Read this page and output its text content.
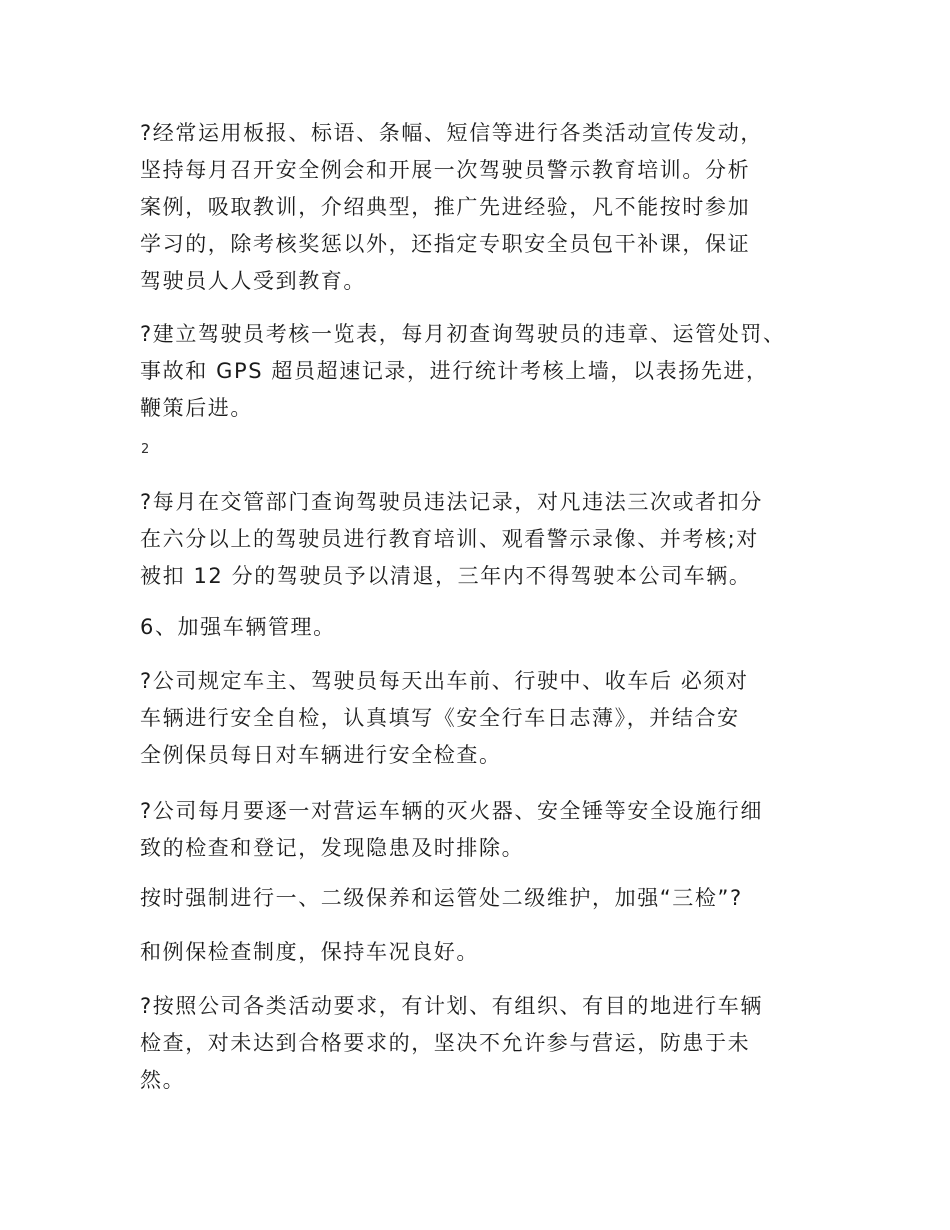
?经常运用板报、标语、条幅、短信等进行各类活动宣传发动，
坚持每月召开安全例会和开展一次驾驶员警示教育培训。分析
案例，吸取教训，介绍典型，推广先进经验，凡不能按时参加
学习的，除考核奖惩以外，还指定专职安全员包干补课，保证
驾驶员人人受到教育。

?建立驾驶员考核一览表，每月初查询驾驶员的违章、运管处罚、
事故和 GPS 超员超速记录，进行统计考核上墙，以表扬先进，
鞭策后进。

2

?每月在交管部门查询驾驶员违法记录，对凡违法三次或者扣分
在六分以上的驾驶员进行教育培训、观看警示录像、并考核;对
被扣 12 分的驾驶员予以清退，三年内不得驾驶本公司车辆。

6、加强车辆管理。

?公司规定车主、驾驶员每天出车前、行驶中、收车后 必须对
车辆进行安全自检，认真填写《安全行车日志薄》，并结合安
全例保员每日对车辆进行安全检查。

?公司每月要逐一对营运车辆的灭火器、安全锤等安全设施行细
致的检查和登记，发现隐患及时排除。

按时强制进行一、二级保养和运管处二级维护，加强“三检”?

和例保检查制度，保持车况良好。

?按照公司各类活动要求，有计划、有组织、有目的地进行车辆
检查，对未达到合格要求的，坚决不允许参与营运，防患于未
然。
